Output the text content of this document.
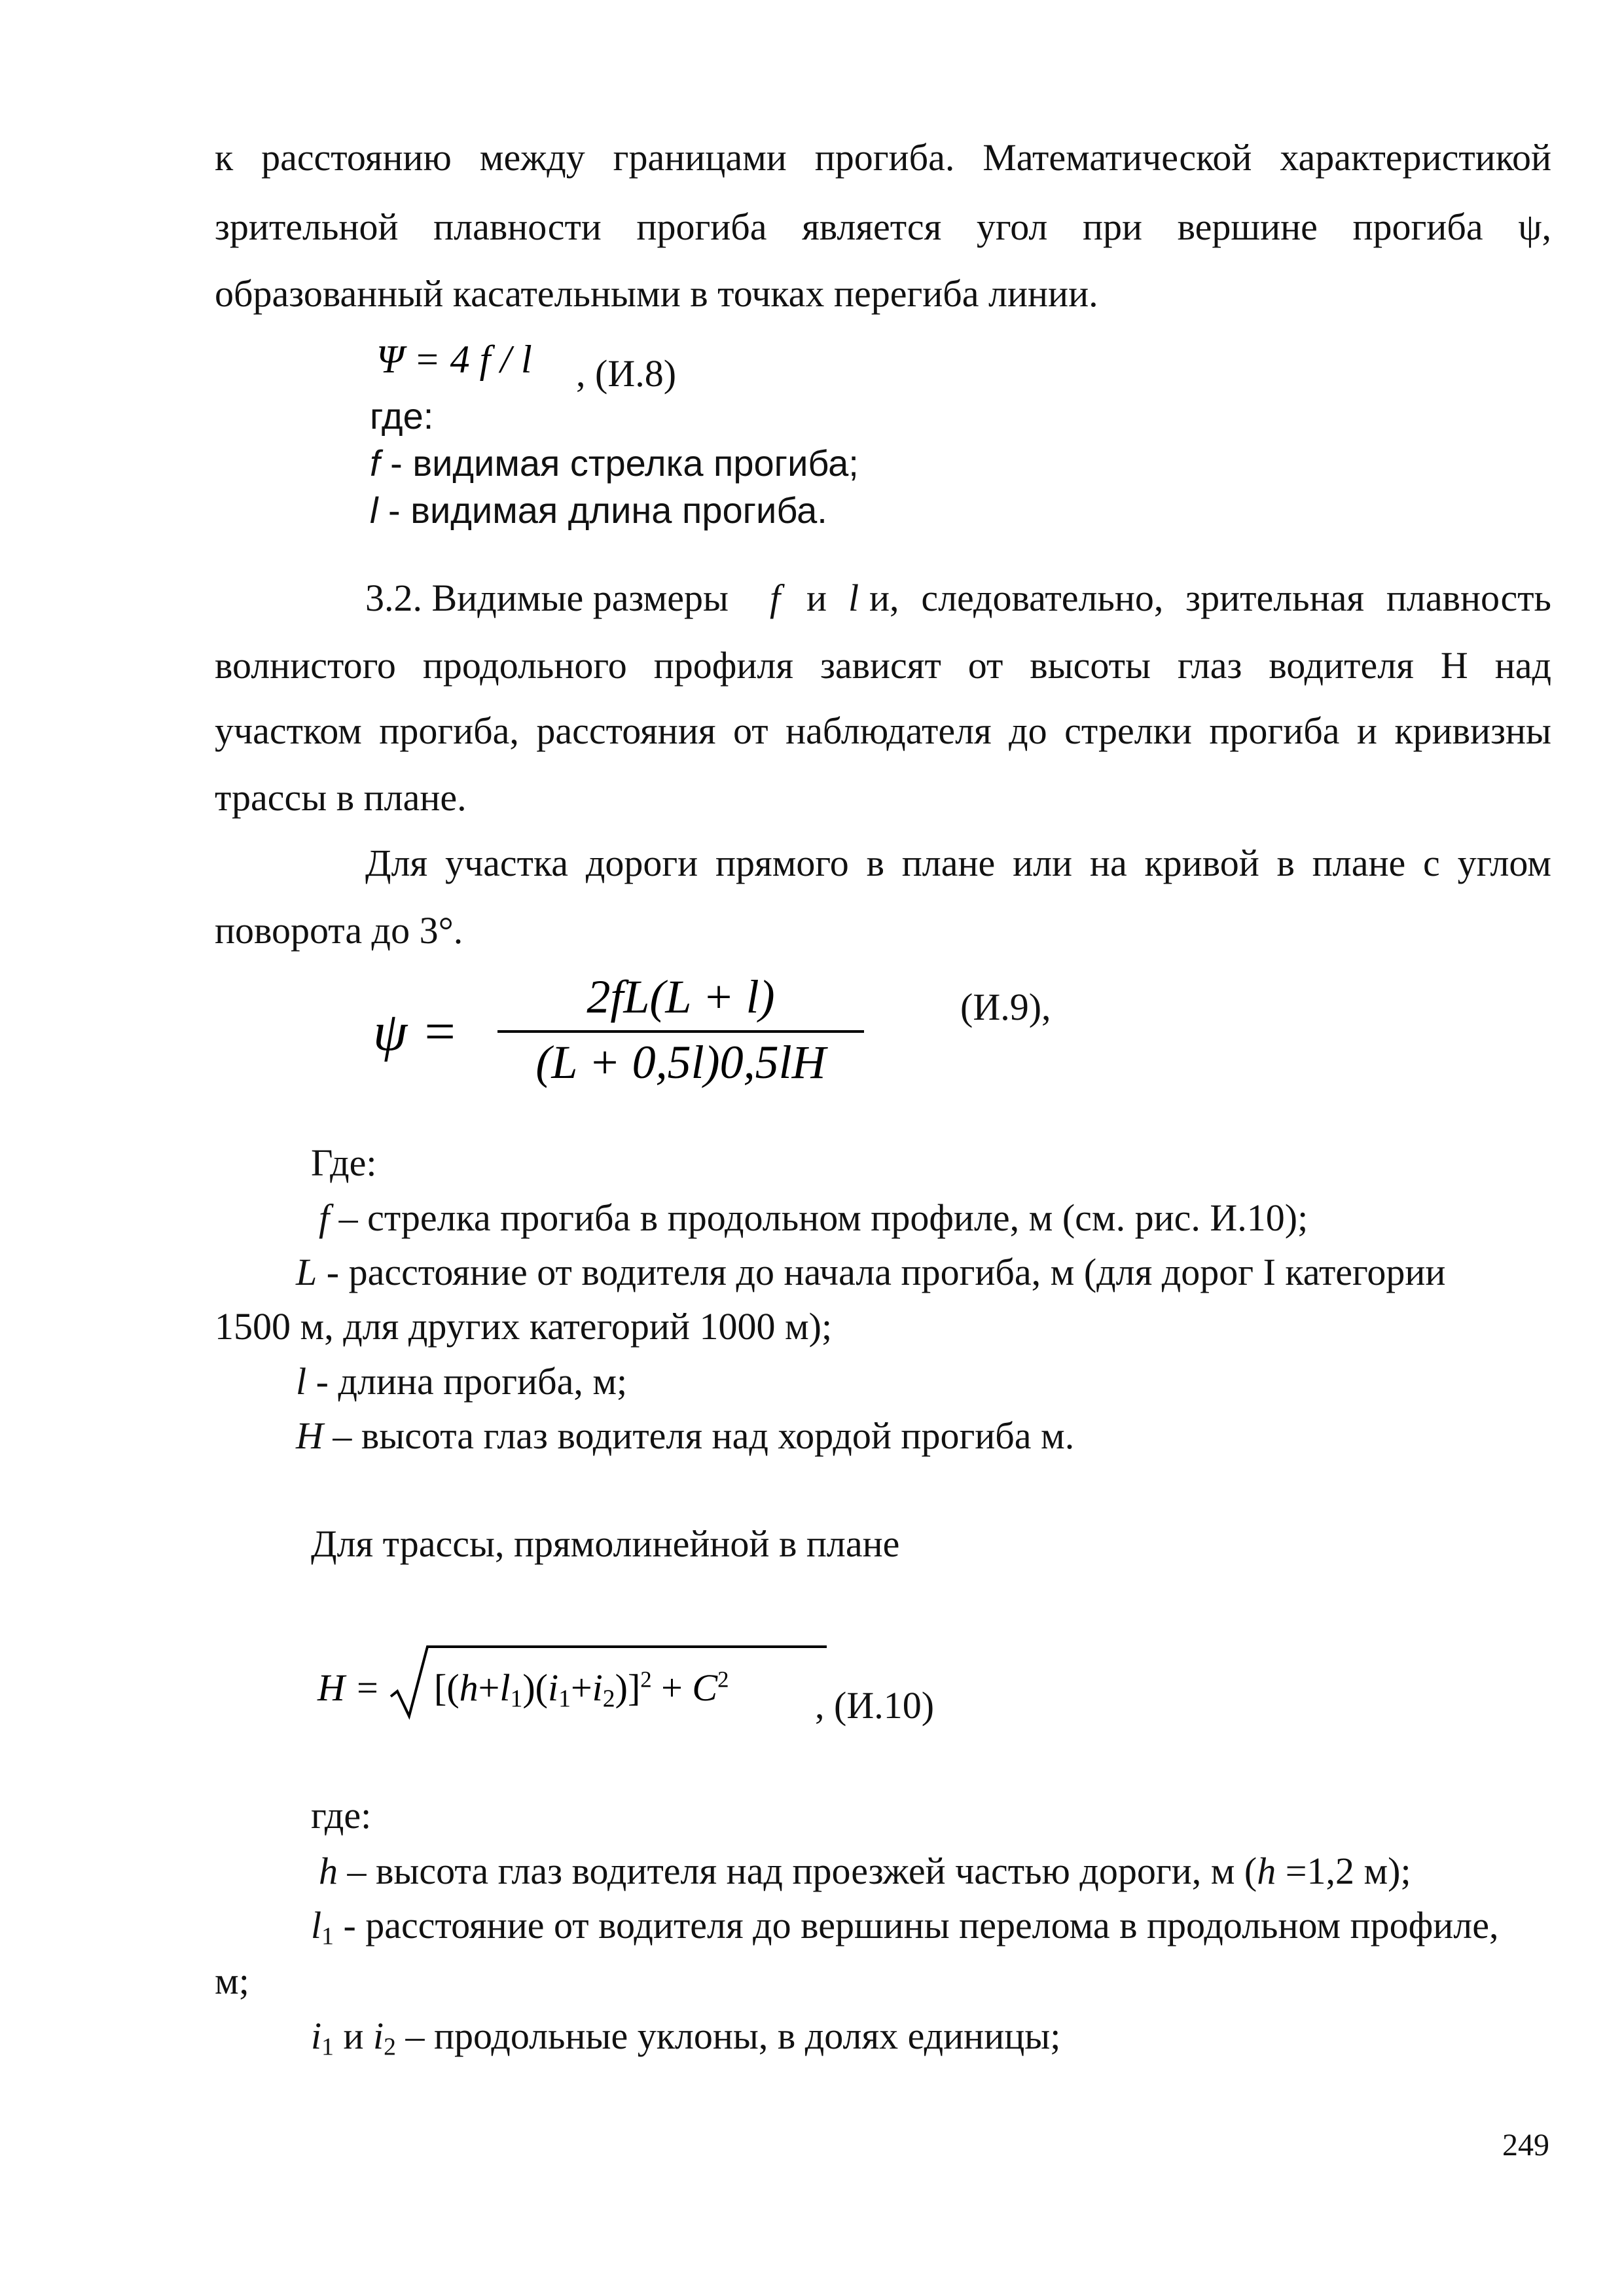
к расстоянию между границами прогиба. Математической характеристикой
зрительной плавности прогиба является угол при вершине прогиба ψ,
образованный касательными в точках перегиба линии.
Ψ = 4 f / l , (И.8)
где:
f - видимая стрелка прогиба;
l - видимая длина прогиба.
3.2. Видимые размеры f и l и, следовательно, зрительная плавность
волнистого продольного профиля зависят от высоты глаз водителя Н над
участком прогиба, расстояния от наблюдателя до стрелки прогиба и кривизны
трассы в плане.
Для участка дороги прямого в плане или на кривой в плане с углом
поворота до 3°.
ψ =
2fL(L + l)
(L + 0,5l)0,5lH
(И.9),
Где:
f – стрелка прогиба в продольном профиле, м (см. рис. И.10);
L - расстояние от водителя до начала прогиба, м (для дорог I категории
1500 м, для других категорий 1000 м);
l - длина прогиба, м;
H – высота глаз водителя над хордой прогиба м.
Для трассы, прямолинейной в плане
$H = [(h+l_1)(i_1+i_2)]^2 + C^2$
, (И.10)
где:
h – высота глаз водителя над проезжей частью дороги, м (h =1,2 м);
$l_1$ - расстояние от водителя до вершины перелома в продольном профиле,
м;
$i_1$ и $i_2$ – продольные уклоны, в долях единицы;
249
